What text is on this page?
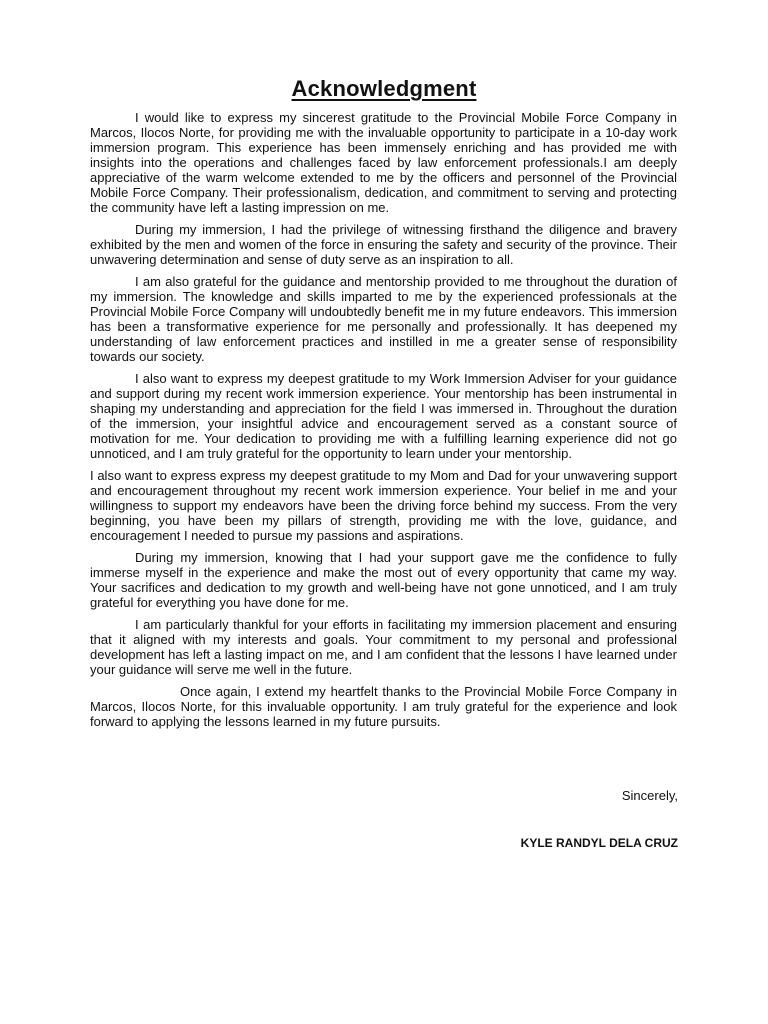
Acknowledgment

I would like to express my sincerest gratitude to the Provincial Mobile Force Company in Marcos, Ilocos Norte, for providing me with the invaluable opportunity to participate in a 10-day work immersion program. This experience has been immensely enriching and has provided me with insights into the operations and challenges faced by law enforcement professionals.I am deeply appreciative of the warm welcome extended to me by the officers and personnel of the Provincial Mobile Force Company. Their professionalism, dedication, and commitment to serving and protecting the community have left a lasting impression on me.

During my immersion, I had the privilege of witnessing firsthand the diligence and bravery exhibited by the men and women of the force in ensuring the safety and security of the province. Their unwavering determination and sense of duty serve as an inspiration to all.

I am also grateful for the guidance and mentorship provided to me throughout the duration of my immersion. The knowledge and skills imparted to me by the experienced professionals at the Provincial Mobile Force Company will undoubtedly benefit me in my future endeavors. This immersion has been a transformative experience for me personally and professionally. It has deepened my understanding of law enforcement practices and instilled in me a greater sense of responsibility towards our society.

I also want to express my deepest gratitude to my Work Immersion Adviser for your guidance and support during my recent work immersion experience. Your mentorship has been instrumental in shaping my understanding and appreciation for the field I was immersed in. Throughout the duration of the immersion, your insightful advice and encouragement served as a constant source of motivation for me. Your dedication to providing me with a fulfilling learning experience did not go unnoticed, and I am truly grateful for the opportunity to learn under your mentorship.

I also want to express express my deepest gratitude to my Mom and Dad for your unwavering support and encouragement throughout my recent work immersion experience. Your belief in me and your willingness to support my endeavors have been the driving force behind my success. From the very beginning, you have been my pillars of strength, providing me with the love, guidance, and encouragement I needed to pursue my passions and aspirations.

During my immersion, knowing that I had your support gave me the confidence to fully immerse myself in the experience and make the most out of every opportunity that came my way. Your sacrifices and dedication to my growth and well-being have not gone unnoticed, and I am truly grateful for everything you have done for me.

I am particularly thankful for your efforts in facilitating my immersion placement and ensuring that it aligned with my interests and goals. Your commitment to my personal and professional development has left a lasting impact on me, and I am confident that the lessons I have learned under your guidance will serve me well in the future.

Once again, I extend my heartfelt thanks to the Provincial Mobile Force Company in Marcos, Ilocos Norte, for this invaluable opportunity. I am truly grateful for the experience and look forward to applying the lessons learned in my future pursuits.

Sincerely,
KYLE RANDYL DELA CRUZ
